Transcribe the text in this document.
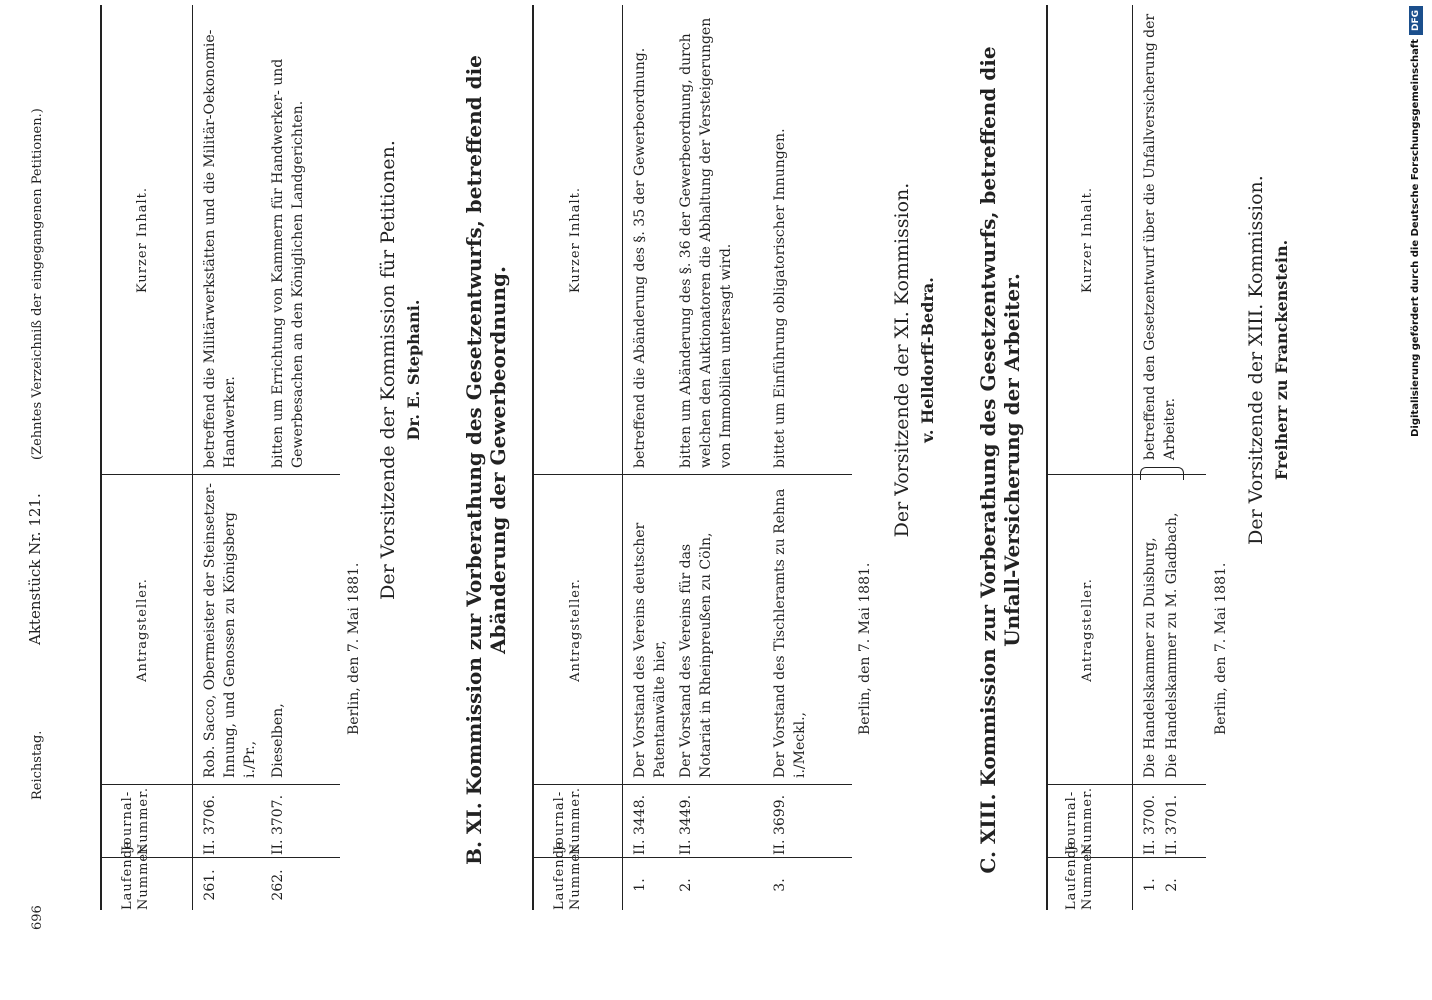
696
Reichstag.
Aktenstück Nr. 121.
(Zehntes Verzeichniß der eingegangenen Petitionen.)
Laufende Nummer.
Journal-Nummer.
Antragsteller.
Kurzer Inhalt.
261.
II. 3706.
Rob. Sacco, Obermeister der Steinsetzer-Innung, und Genossen zu Königsberg i./Pr.,
betreffend die Militärwerkstätten und die Militär-Oekonomie-Handwerker.
262.
II. 3707.
Dieselben,
bitten um Errichtung von Kammern für Handwerker- und Gewerbesachen an den Königlichen Landgerichten.
Berlin, den 7. Mai 1881.
Der Vorsitzende der Kommission für Petitionen. Dr. E. Stephani. B. XI. Kommission zur Vorberathung des Gesetzentwurfs, betreffend die Abänderung der Gewerbeordnung.
Laufende Nummer.
Journal-Nummer.
Antragsteller.
Kurzer Inhalt.
1.
II. 3448.
Der Vorstand des Vereins deutscher Patentanwälte hier,
betreffend die Abänderung des §. 35 der Gewerbeordnung.
2.
II. 3449.
Der Vorstand des Vereins für das Notariat in Rheinpreußen zu Cöln,
bitten um Abänderung des §. 36 der Gewerbeordnung, durch welchen den Auktionatoren die Abhaltung der Versteigerungen von Immobilien untersagt wird.
3.
II. 3699.
Der Vorstand des Tischleramts zu Rehna i./Meckl.,
bittet um Einführung obligatorischer Innungen.
Berlin, den 7. Mai 1881.
Der Vorsitzende der XI. Kommission. v. Helldorff-Bedra. C. XIII. Kommission zur Vorberathung des Gesetzentwurfs, betreffend die Unfall-Versicherung der Arbeiter.
Laufende Nummer.
Journal-Nummer.
Antragsteller.
Kurzer Inhalt.
1.
II. 3700.
Die Handelskammer zu Duisburg,
2.
II. 3701.
Die Handelskammer zu M. Gladbach,
betreffend den Gesetzentwurf über die Unfallversicherung der Arbeiter.
Berlin, den 7. Mai 1881.
Der Vorsitzende der XIII. Kommission. Freiherr zu Franckenstein.	Digitalisierung gefördert durch die Deutsche ForschungsgemeinschaftDFG
